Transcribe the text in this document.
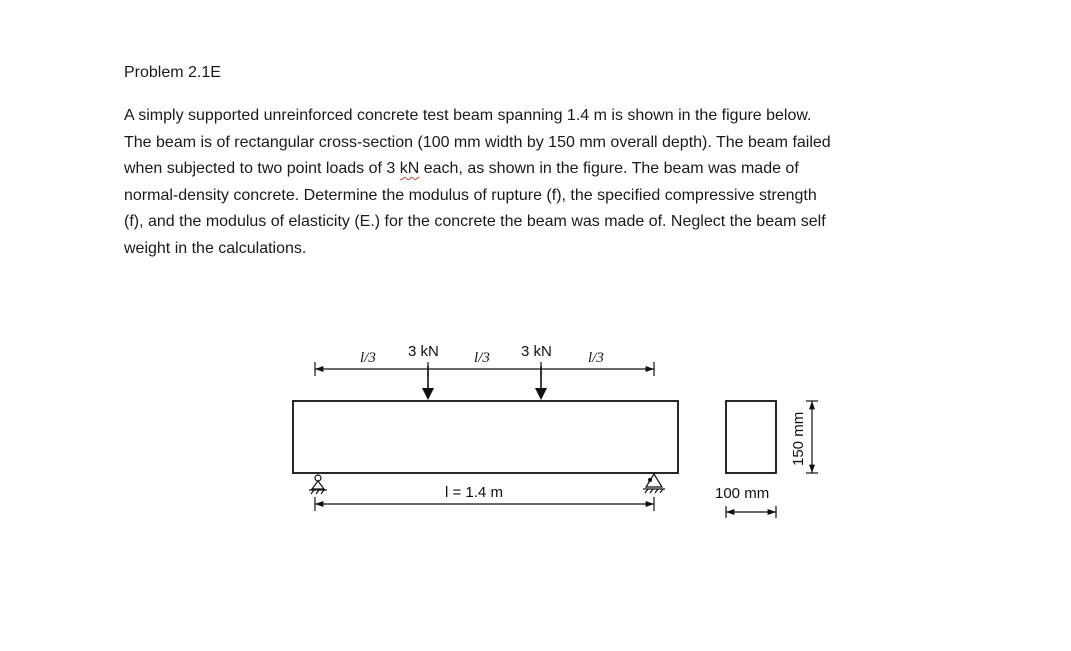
Problem 2.1E

A simply supported unreinforced concrete test beam spanning 1.4 m is shown in the figure below.

The beam is of rectangular cross-section (100 mm width by 150 mm overall depth). The beam failed

when subjected to two point loads of 3 kN each, as shown in the figure. The beam was made of

normal-density concrete. Determine the modulus of rupture (f), the specified compressive strength

(f), and the modulus of elasticity (E.) for the concrete the beam was made of. Neglect the beam self

weight in the calculations.

l/3	l/3	l/3
3 kN	3 kN
l = 1.4 m
150 mm
100 mm
